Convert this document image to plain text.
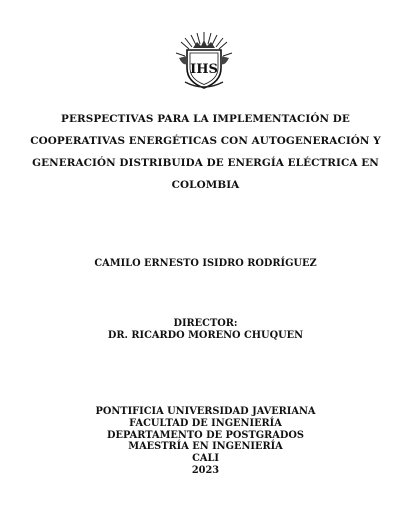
IHS
PERSPECTIVAS PARA LA IMPLEMENTACIÓN DE
COOPERATIVAS ENERGÉTICAS CON AUTOGENERACIÓN Y
GENERACIÓN DISTRIBUIDA DE ENERGÍA ELÉCTRICA EN
COLOMBIA
CAMILO ERNESTO ISIDRO RODRÍGUEZ
DIRECTOR:
DR. RICARDO MORENO CHUQUEN
PONTIFICIA UNIVERSIDAD JAVERIANA
FACULTAD DE INGENIERÍA
DEPARTAMENTO DE POSTGRADOS
MAESTRÍA EN INGENIERÍA
CALI
2023
